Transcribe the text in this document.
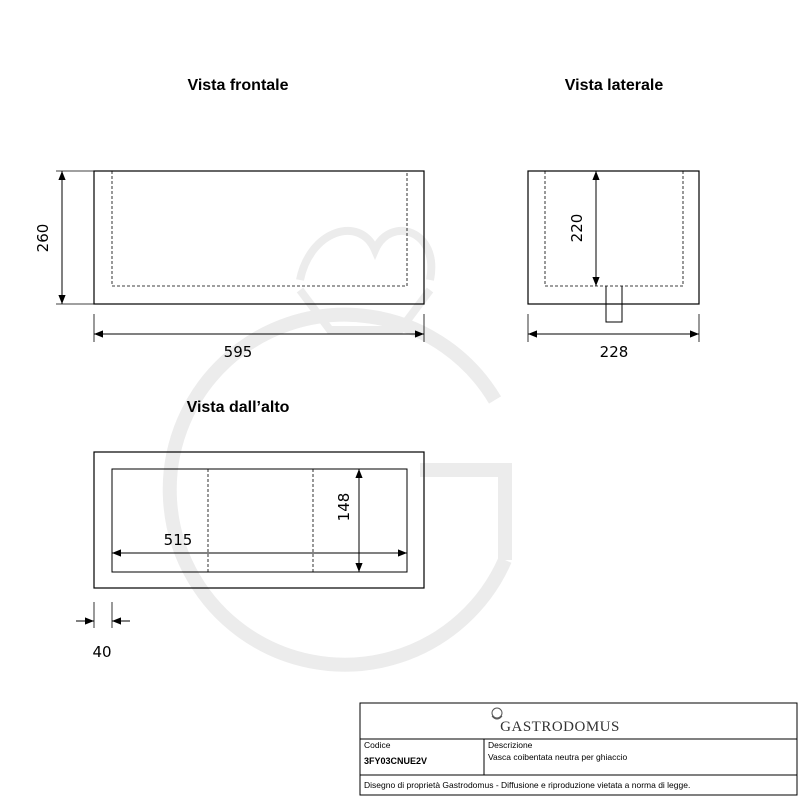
Vista frontale
260
595
Vista laterale
220
228
Vista dall’alto
515
148
40
GASTRODOMUS
Codice
3FY03CNUE2V
Descrizione
Vasca coibentata neutra per ghiaccio
Disegno di proprietà Gastrodomus - Diffusione e riproduzione vietata a norma di legge.
